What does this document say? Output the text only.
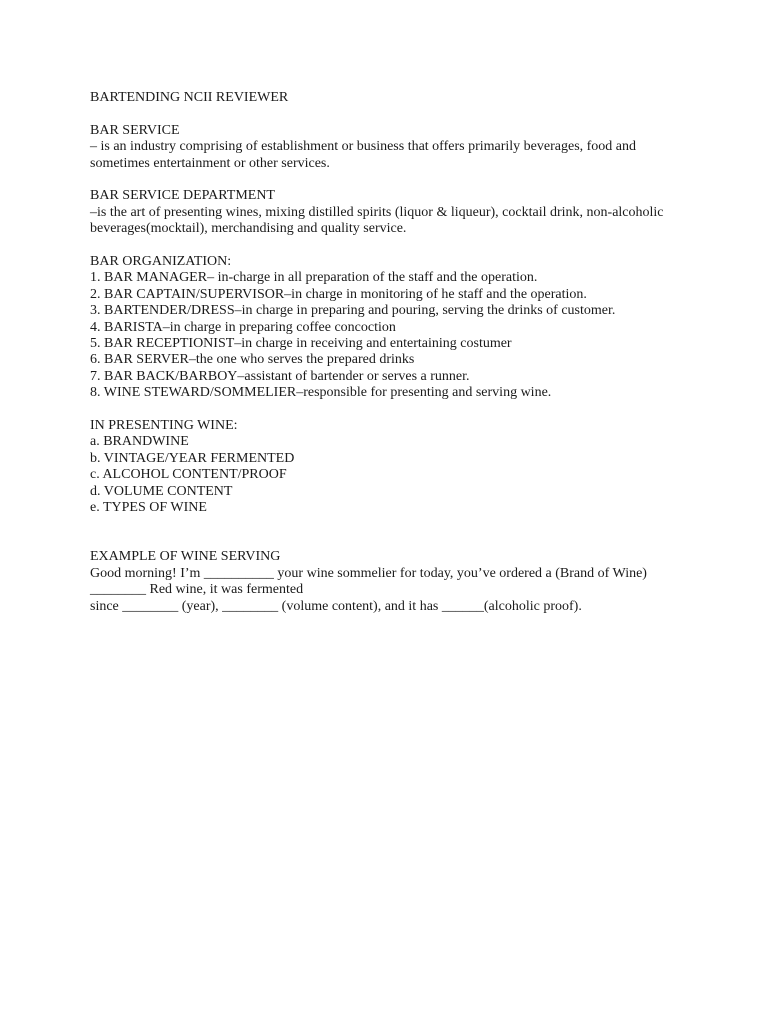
BARTENDING NCII REVIEWER

BAR SERVICE

– is an industry comprising of establishment or business that offers primarily beverages, food and

sometimes entertainment or other services.

BAR SERVICE DEPARTMENT

–is the art of presenting wines, mixing distilled spirits (liquor & liqueur), cocktail drink, non-alcoholic

beverages(mocktail), merchandising and quality service.

BAR ORGANIZATION:

1. BAR MANAGER– in-charge in all preparation of the staff and the operation.

2. BAR CAPTAIN/SUPERVISOR–in charge in monitoring of he staff and the operation.

3. BARTENDER/DRESS–in charge in preparing and pouring, serving the drinks of customer.

4. BARISTA–in charge in preparing coffee concoction

5. BAR RECEPTIONIST–in charge in receiving and entertaining costumer

6. BAR SERVER–the one who serves the prepared drinks

7. BAR BACK/BARBOY–assistant of bartender or serves a runner.

8. WINE STEWARD/SOMMELIER–responsible for presenting and serving wine.

IN PRESENTING WINE:

a. BRANDWINE

b. VINTAGE/YEAR FERMENTED

c. ALCOHOL CONTENT/PROOF

d. VOLUME CONTENT

e. TYPES OF WINE

EXAMPLE OF WINE SERVING

Good morning! I’m __________ your wine sommelier for today, you’ve ordered a (Brand of Wine)

________ Red wine, it was fermented

since ________ (year), ________ (volume content), and it has ______(alcoholic proof).
